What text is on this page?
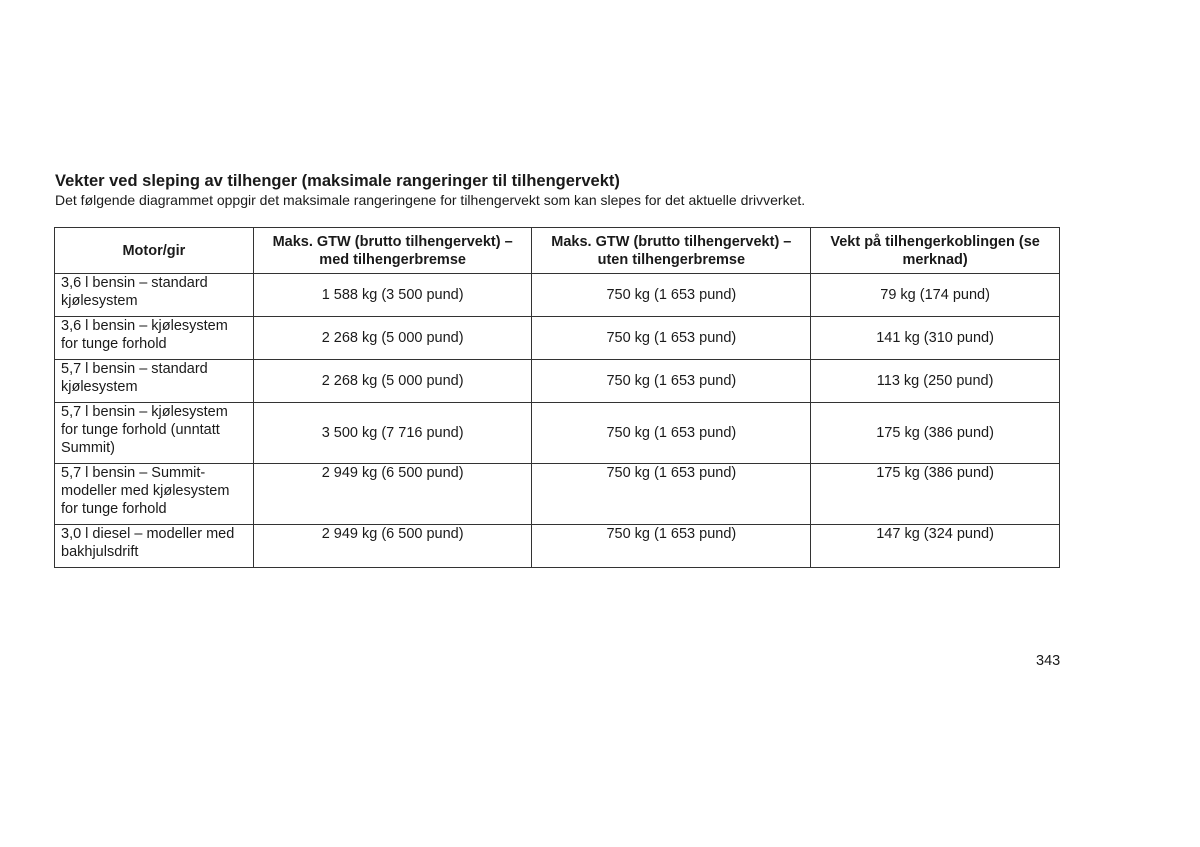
Vekter ved sleping av tilhenger (maksimale rangeringer til tilhengervekt)

Det følgende diagrammet oppgir det maksimale rangeringene for tilhengervekt som kan slepes for det aktuelle drivverket.

Motor/gir	Maks. GTW (brutto tilhengervekt) – med tilhengerbremse	Maks. GTW (brutto tilhengervekt) – uten tilhengerbremse	Vekt på tilhengerkoblingen (se merknad)
3,6 l bensin – standard kjølesystem	1 588 kg (3 500 pund)	750 kg (1 653 pund)	79 kg (174 pund)
3,6 l bensin – kjølesystem for tunge forhold	2 268 kg (5 000 pund)	750 kg (1 653 pund)	141 kg (310 pund)
5,7 l bensin – standard kjølesystem	2 268 kg (5 000 pund)	750 kg (1 653 pund)	113 kg (250 pund)
5,7 l bensin – kjølesystem for tunge forhold (unntatt Summit)	3 500 kg (7 716 pund)	750 kg (1 653 pund)	175 kg (386 pund)
5,7 l bensin – Summit-modeller med kjølesystem for tunge forhold	2 949 kg (6 500 pund)	750 kg (1 653 pund)	175 kg (386 pund)
3,0 l diesel – modeller med bakhjulsdrift	2 949 kg (6 500 pund)	750 kg (1 653 pund)	147 kg (324 pund)

343
